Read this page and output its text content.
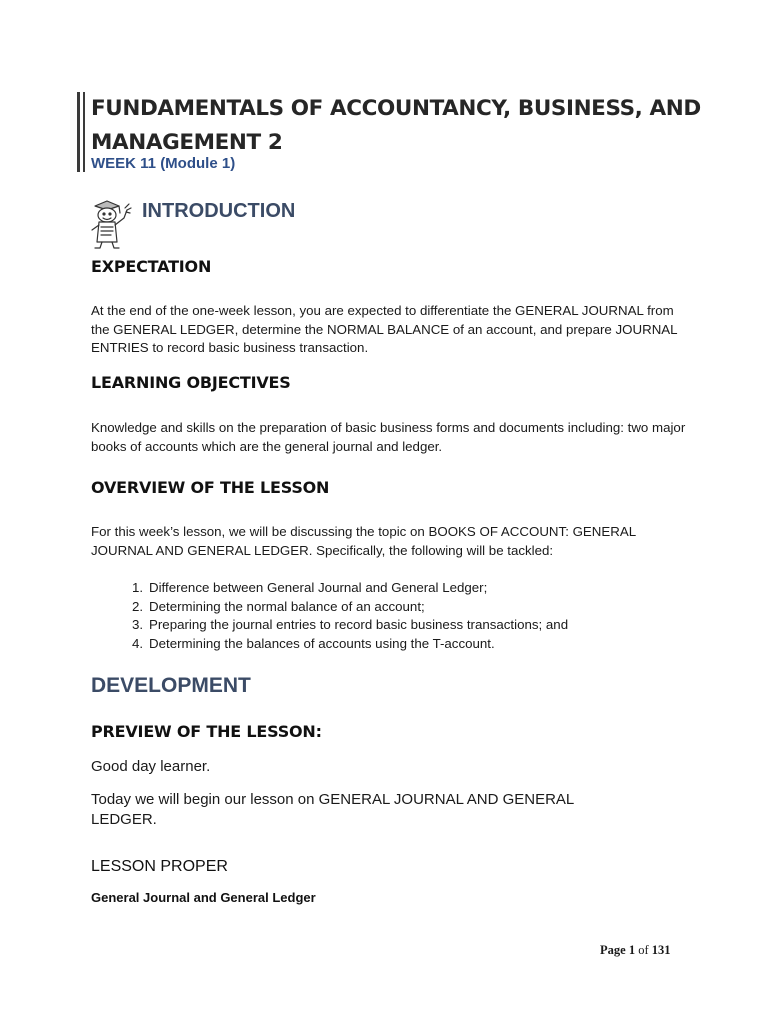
FUNDAMENTALS OF ACCOUNTANCY, BUSINESS, AND MANAGEMENT 2
WEEK 11 (Module 1)
INTRODUCTION
EXPECTATION

At the end of the one-week lesson, you are expected to differentiate the GENERAL JOURNAL from the GENERAL LEDGER, determine the NORMAL BALANCE of an account, and prepare JOURNAL ENTRIES to record basic business transaction.

LEARNING OBJECTIVES

Knowledge and skills on the preparation of basic business forms and documents including: two major books of accounts which are the general journal and ledger.

OVERVIEW OF THE LESSON

For this week’s lesson, we will be discussing the topic on BOOKS OF ACCOUNT: GENERAL JOURNAL AND GENERAL LEDGER. Specifically, the following will be tackled:

1. Difference between General Journal and General Ledger;
2. Determining the normal balance of an account;
3. Preparing the journal entries to record basic business transactions; and
4. Determining the balances of accounts using the T-account.
DEVELOPMENT
PREVIEW OF THE LESSON:

Good day learner.

Today we will begin our lesson on GENERAL JOURNAL AND GENERAL LEDGER.

LESSON PROPER
General Journal and General Ledger
Page 1 of 131
